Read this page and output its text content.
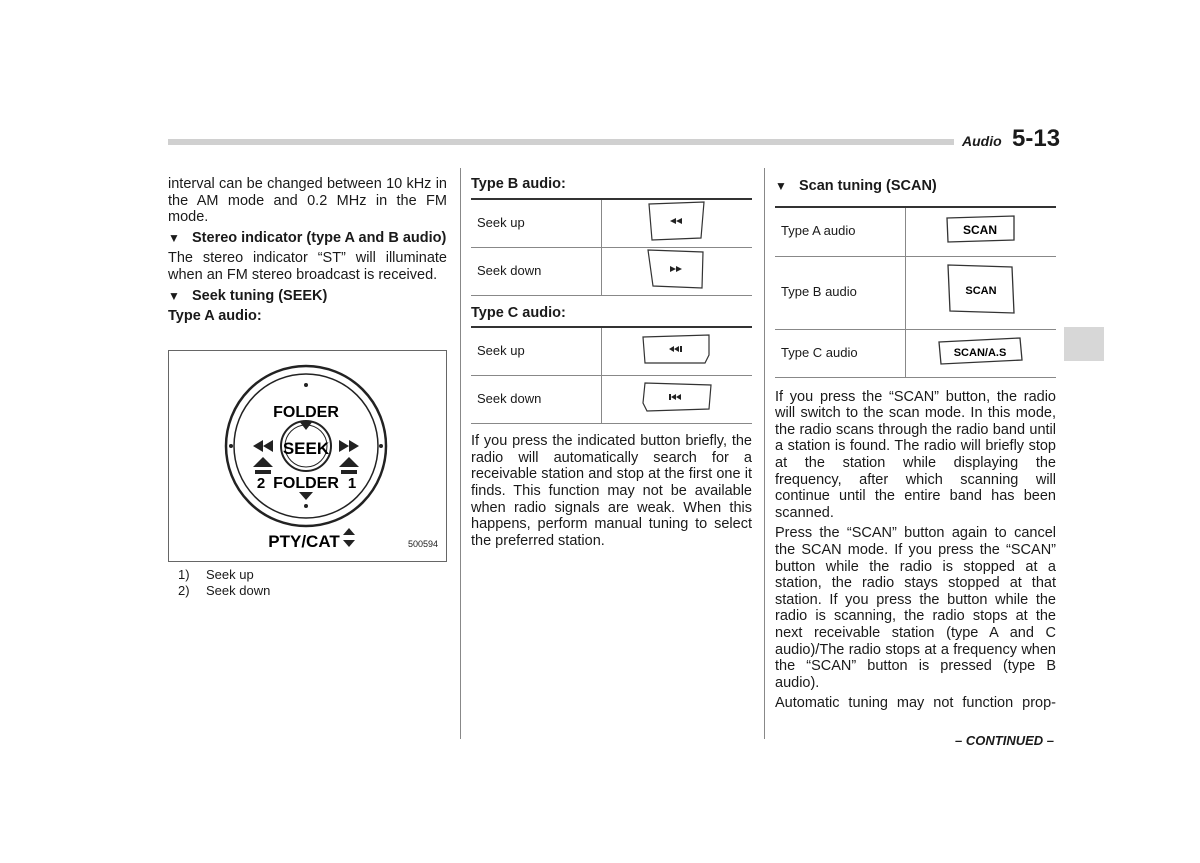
Audio 5-13

interval can be changed between 10 kHz in the AM mode and 0.2 MHz in the FM mode.

▼ Stereo indicator (type A and B audio)

The stereo indicator “ST” will illuminate when an FM stereo broadcast is received.

▼ Seek tuning (SEEK)
Type A audio:
FOLDER
SEEK
FOLDER
2	1
PTY/CAT	500594
1) Seek up
2) Seek down
Type B audio:
Seek up	
Seek down	
Type C audio:
Seek up	
Seek down	

If you press the indicated button briefly, the radio will automatically search for a receivable station and stop at the first one it finds. This function may not be available when radio signals are weak. When this happens, perform manual tuning to select the preferred station.

▼ Scan tuning (SCAN)
Type A audio	SCAN

Type B audio	SCAN

Type C audio	SCAN/A.S

If you press the “SCAN” button, the radio will switch to the scan mode. In this mode, the radio scans through the radio band until a station is found. The radio will briefly stop at the station while displaying the frequency, after which scanning will continue until the entire band has been scanned.

Press the “SCAN” button again to cancel the SCAN mode. If you press the “SCAN” button while the radio is stopped at a station, the radio stays stopped at that station. If you press the button while the radio is scanning, the radio stops at the next receivable station (type A and C audio)/The radio stops at a frequency when the “SCAN” button is pressed (type B audio).

Automatic tuning may not function prop-

– CONTINUED –
